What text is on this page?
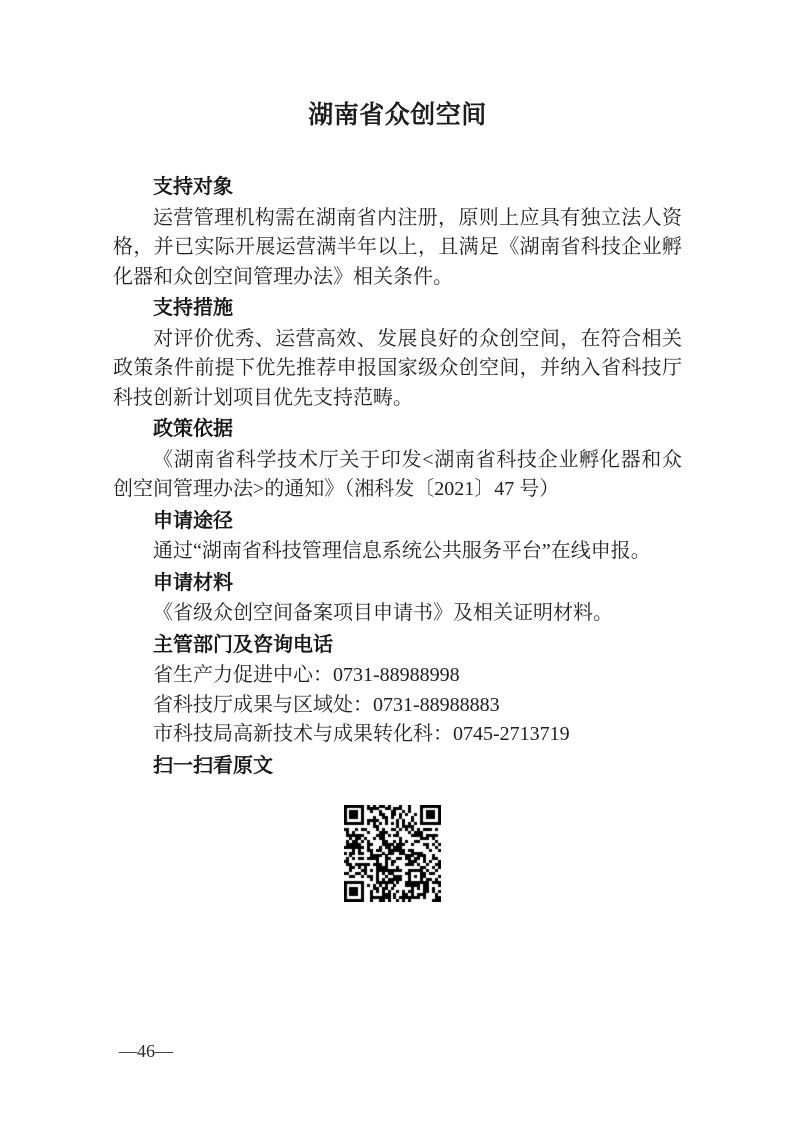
湖南省众创空间
支持对象

运营管理机构需在湖南省内注册，原则上应具有独立法人资格，并已实际开展运营满半年以上，且满足《湖南省科技企业孵化器和众创空间管理办法》相关条件。

支持措施

对评价优秀、运营高效、发展良好的众创空间，在符合相关政策条件前提下优先推荐申报国家级众创空间，并纳入省科技厅科技创新计划项目优先支持范畴。

政策依据

《湖南省科学技术厅关于印发<湖南省科技企业孵化器和众创空间管理办法>的通知》（湘科发〔2021〕47 号）

申请途径

通过“湖南省科技管理信息系统公共服务平台”在线申报。

申请材料

《省级众创空间备案项目申请书》及相关证明材料。

主管部门及咨询电话

省生产力促进中心：0731-88988998

省科技厅成果与区域处：0731-88988883

市科技局高新技术与成果转化科：0745-2713719

扫一扫看原文
—46—
